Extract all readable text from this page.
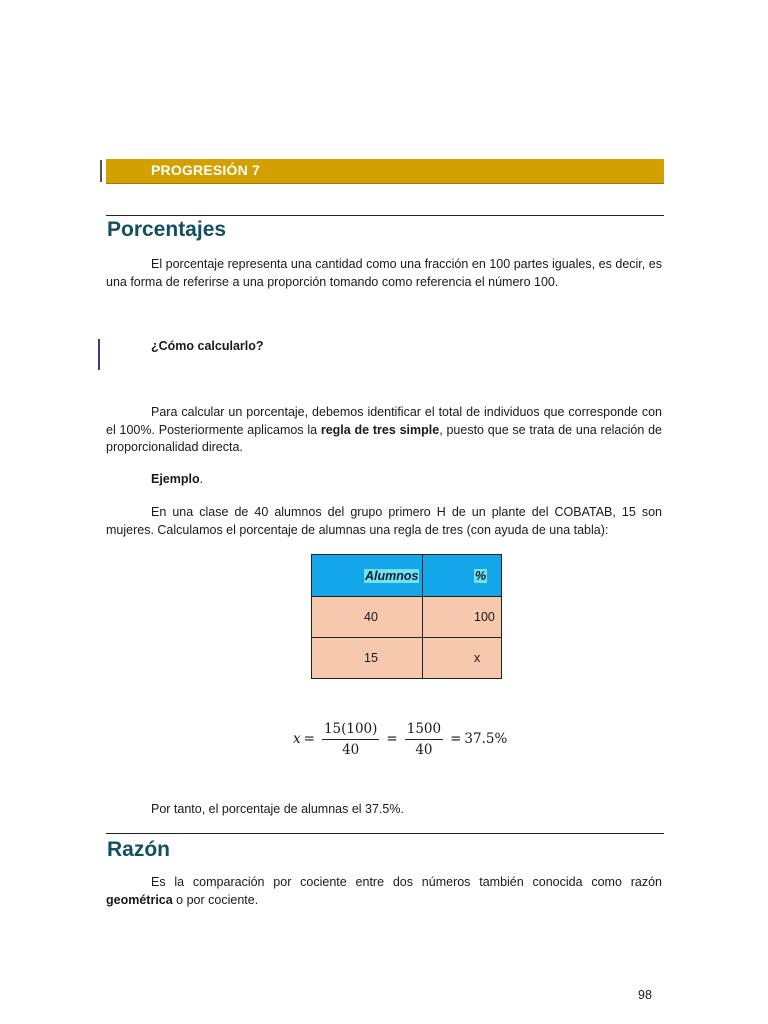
PROGRESIÓN 7
Porcentajes
El porcentaje representa una cantidad como una fracción en 100 partes iguales, es decir, es una forma de referirse a una proporción tomando como referencia el número 100.
¿Cómo calcularlo?
Para calcular un porcentaje, debemos identificar el total de individuos que corresponde con el 100%. Posteriormente aplicamos la regla de tres simple, puesto que se trata de una relación de proporcionalidad directa.
Ejemplo.
En una clase de 40 alumnos del grupo primero H de un plante del COBATAB, 15 son mujeres. Calculamos el porcentaje de alumnas una regla de tres (con ayuda de una tabla):
Alumnos	%

40	100

15	x
$x = \frac{15(100)}{40} = \frac{1500}{40} = 37.5\%$
Por tanto, el porcentaje de alumnas el 37.5%.
Razón
Es la comparación por cociente entre dos números también conocida como razón geométrica o por cociente.
98
